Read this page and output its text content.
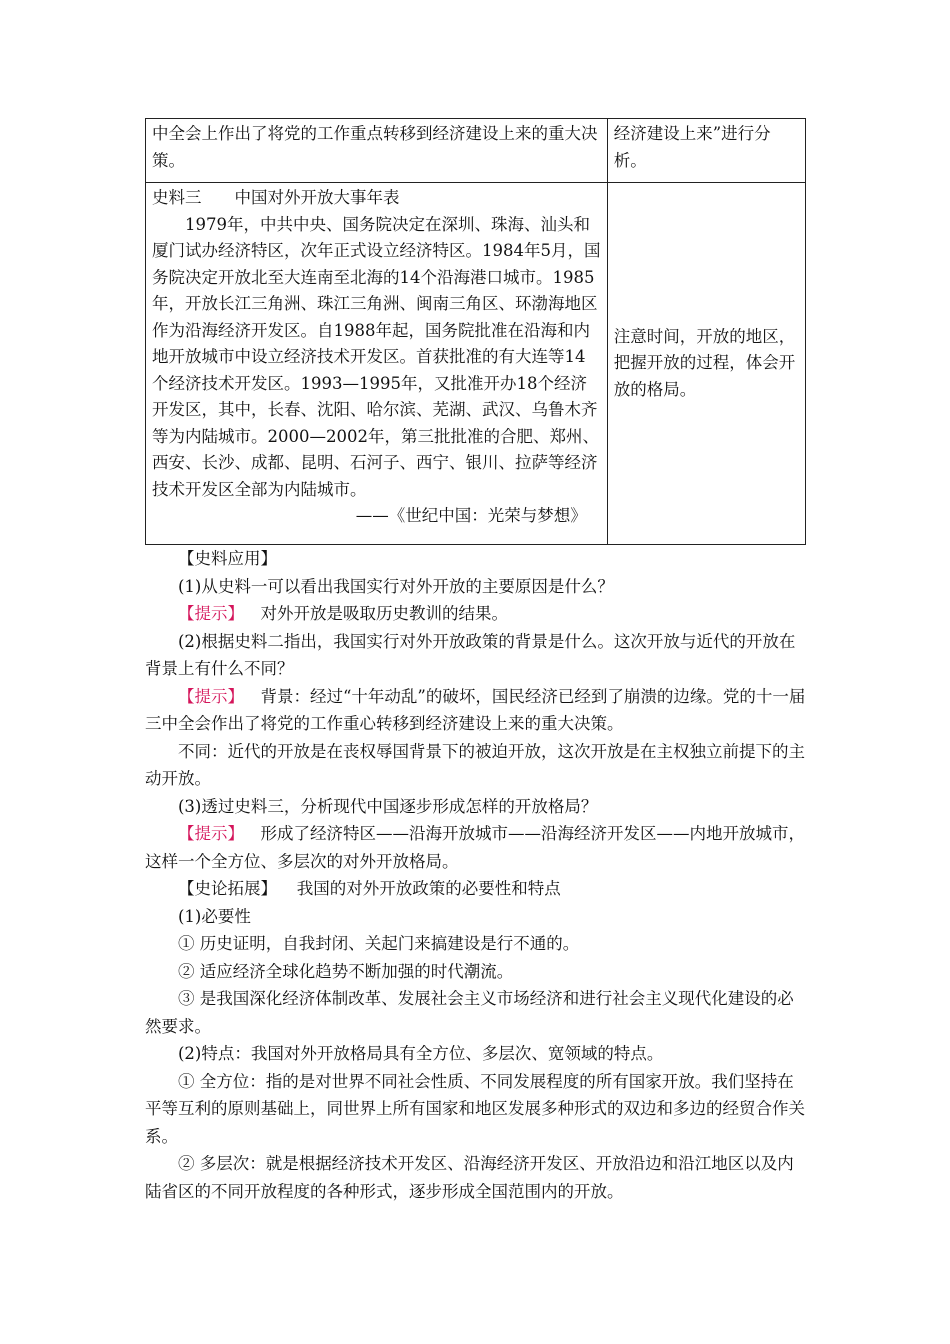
中全会上作出了将党的工作重点转移到经济建设上来的重大决策。	经济建设上来”进行分析。

史料三　　中国对外开放大事年表
1979年，中共中央、国务院决定在深圳、珠海、汕头和厦门试办经济特区，次年正式设立经济特区。1984年5月，国务院决定开放北至大连南至北海的14个沿海港口城市。1985年，开放长江三角洲、珠江三角洲、闽南三角区、环渤海地区作为沿海经济开发区。自1988年起，国务院批准在沿海和内地开放城市中设立经济技术开发区。首获批准的有大连等14个经济技术开发区。1993—1995年，又批准开办18个经济开发区，其中，长春、沈阳、哈尔滨、芜湖、武汉、乌鲁木齐等为内陆城市。2000—2002年，第三批批准的合肥、郑州、西安、长沙、成都、昆明、石河子、西宁、银川、拉萨等经济技术开发区全部为内陆城市。
——《世纪中国：光荣与梦想》	注意时间，开放的地区，把握开放的过程，体会开放的格局。

【史料应用】

(1)从史料一可以看出我国实行对外开放的主要原因是什么？

【提示】 对外开放是吸取历史教训的结果。

(2)根据史料二指出，我国实行对外开放政策的背景是什么。这次开放与近代的开放在背景上有什么不同？

【提示】 背景：经过“十年动乱”的破坏，国民经济已经到了崩溃的边缘。党的十一届三中全会作出了将党的工作重心转移到经济建设上来的重大决策。

不同：近代的开放是在丧权辱国背景下的被迫开放，这次开放是在主权独立前提下的主动开放。

(3)透过史料三，分析现代中国逐步形成怎样的开放格局？

【提示】 形成了经济特区——沿海开放城市——沿海经济开发区——内地开放城市，这样一个全方位、多层次的对外开放格局。

【史论拓展】 我国的对外开放政策的必要性和特点

(1)必要性

① 历史证明，自我封闭、关起门来搞建设是行不通的。

② 适应经济全球化趋势不断加强的时代潮流。

③ 是我国深化经济体制改革、发展社会主义市场经济和进行社会主义现代化建设的必然要求。

(2)特点：我国对外开放格局具有全方位、多层次、宽领域的特点。

① 全方位：指的是对世界不同社会性质、不同发展程度的所有国家开放。我们坚持在平等互利的原则基础上，同世界上所有国家和地区发展多种形式的双边和多边的经贸合作关系。

② 多层次：就是根据经济技术开发区、沿海经济开发区、开放沿边和沿江地区以及内陆省区的不同开放程度的各种形式，逐步形成全国范围内的开放。
